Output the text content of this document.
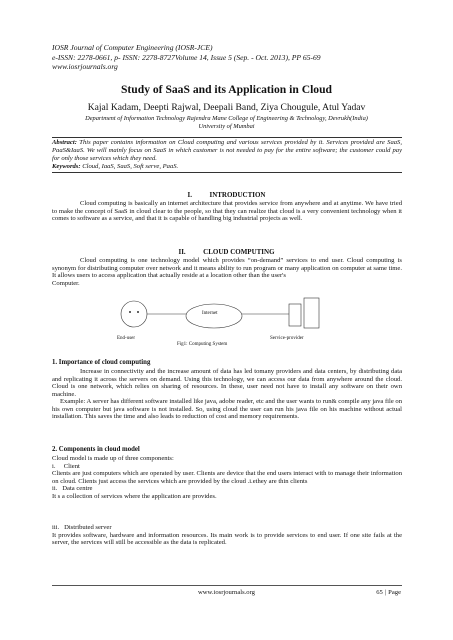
IOSR Journal of Computer Engineering (IOSR-JCE)
e-ISSN: 2278-0661, p- ISSN: 2278-8727Volume 14, Issue 5 (Sep. - Oct. 2013), PP 65-69
www.iosrjournals.org
Study of SaaS and its Application in Cloud
Kajal Kadam, Deepti Rajwal, Deepali Band, Ziya Chougule, Atul Yadav
Department of Information Technology Rajendra Mane College of Engineering & Technology, Devrukh(India)
University of Mumbai
Abstract: This paper contains information on Cloud computing and various services provided by it. Services provided are SaaS, PaaS&IaaS. We will mainly focus on SaaS in which customer is not needed to pay for the entire software; the customer could pay for only those services which they need.
Keywords: Cloud, IaaS, SaaS, Soft serve, PaaS.
I.          INTRODUCTION

Cloud computing is basically an internet architecture that provides service from anywhere and at anytime. We have tried to make the concept of SaaS in cloud clear to the people, so that they can realize that cloud is a very convenient technology when it comes to software as a service, and that it is capable of handling big industrial projects as well.

II.          CLOUD COMPUTING

Cloud computing is one technology model which provides “on-demand” services to end user. Cloud computing is synonym for distributing computer over network and it means ability to run program or many application on computer at same time. It allows users to access application that actually reside at a location other than the user's

Computer.

Internet
End-user	Service-provider
Fig1: Computing System
1. Importance of cloud computing

Increase in connectivity and the increase amount of data has led tomany providers and data centers, by distributing data and replicating it across the servers on demand. Using this technology, we can access our data from anywhere around the cloud. Cloud is one network, which relies on sharing of resources. In these, user need not have to install any software on their own machine.

Example: A server has different software installed like java, adobe reader, etc and the user wants to run& compile any java file on his own computer but java software is not installed. So, using cloud the user can run his java file on his machine without actual installation. This saves the time and also leads to reduction of cost and memory requirements.

2. Components in cloud model

Cloud model is made up of three components:

i.     Client

Clients are just computers which are operated by user. Clients are device that the end users interact with to manage their information on cloud. Clients just access the services which are provided by the cloud .i.ethey are thin clients

ii.   Data centre

It s a collection of services where the application are provides.

iii.   Distributed server

It provides software, hardware and information resources. Its main work is to provide services to end user. If one site fails at the server, the services will still be accessible as the data is replicated.

www.iosrjournals.org	65 | Page
